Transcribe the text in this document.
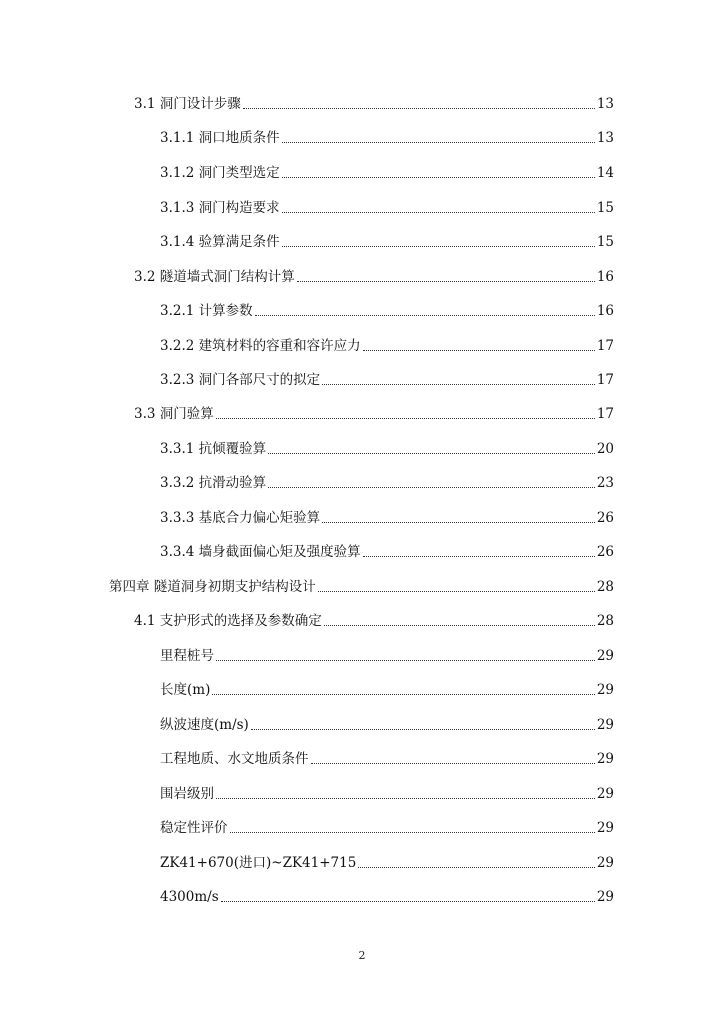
3.1 洞门设计步骤	13
3.1.1 洞口地质条件	13
3.1.2 洞门类型选定	14
3.1.3 洞门构造要求	15
3.1.4 验算满足条件	15
3.2 隧道墙式洞门结构计算	16
3.2.1 计算参数	16
3.2.2 建筑材料的容重和容许应力	17
3.2.3 洞门各部尺寸的拟定	17
3.3 洞门验算	17
3.3.1 抗倾覆验算	20
3.3.2 抗滑动验算	23
3.3.3 基底合力偏心矩验算	26
3.3.4 墙身截面偏心矩及强度验算	26
第四章 隧道洞身初期支护结构设计	28
4.1 支护形式的选择及参数确定	28
里程桩号	29
长度(m)	29
纵波速度(m/s)	29
工程地质、水文地质条件	29
围岩级别	29
稳定性评价	29
ZK41+670(进口)~ZK41+715	29
4300m/s	29
2
